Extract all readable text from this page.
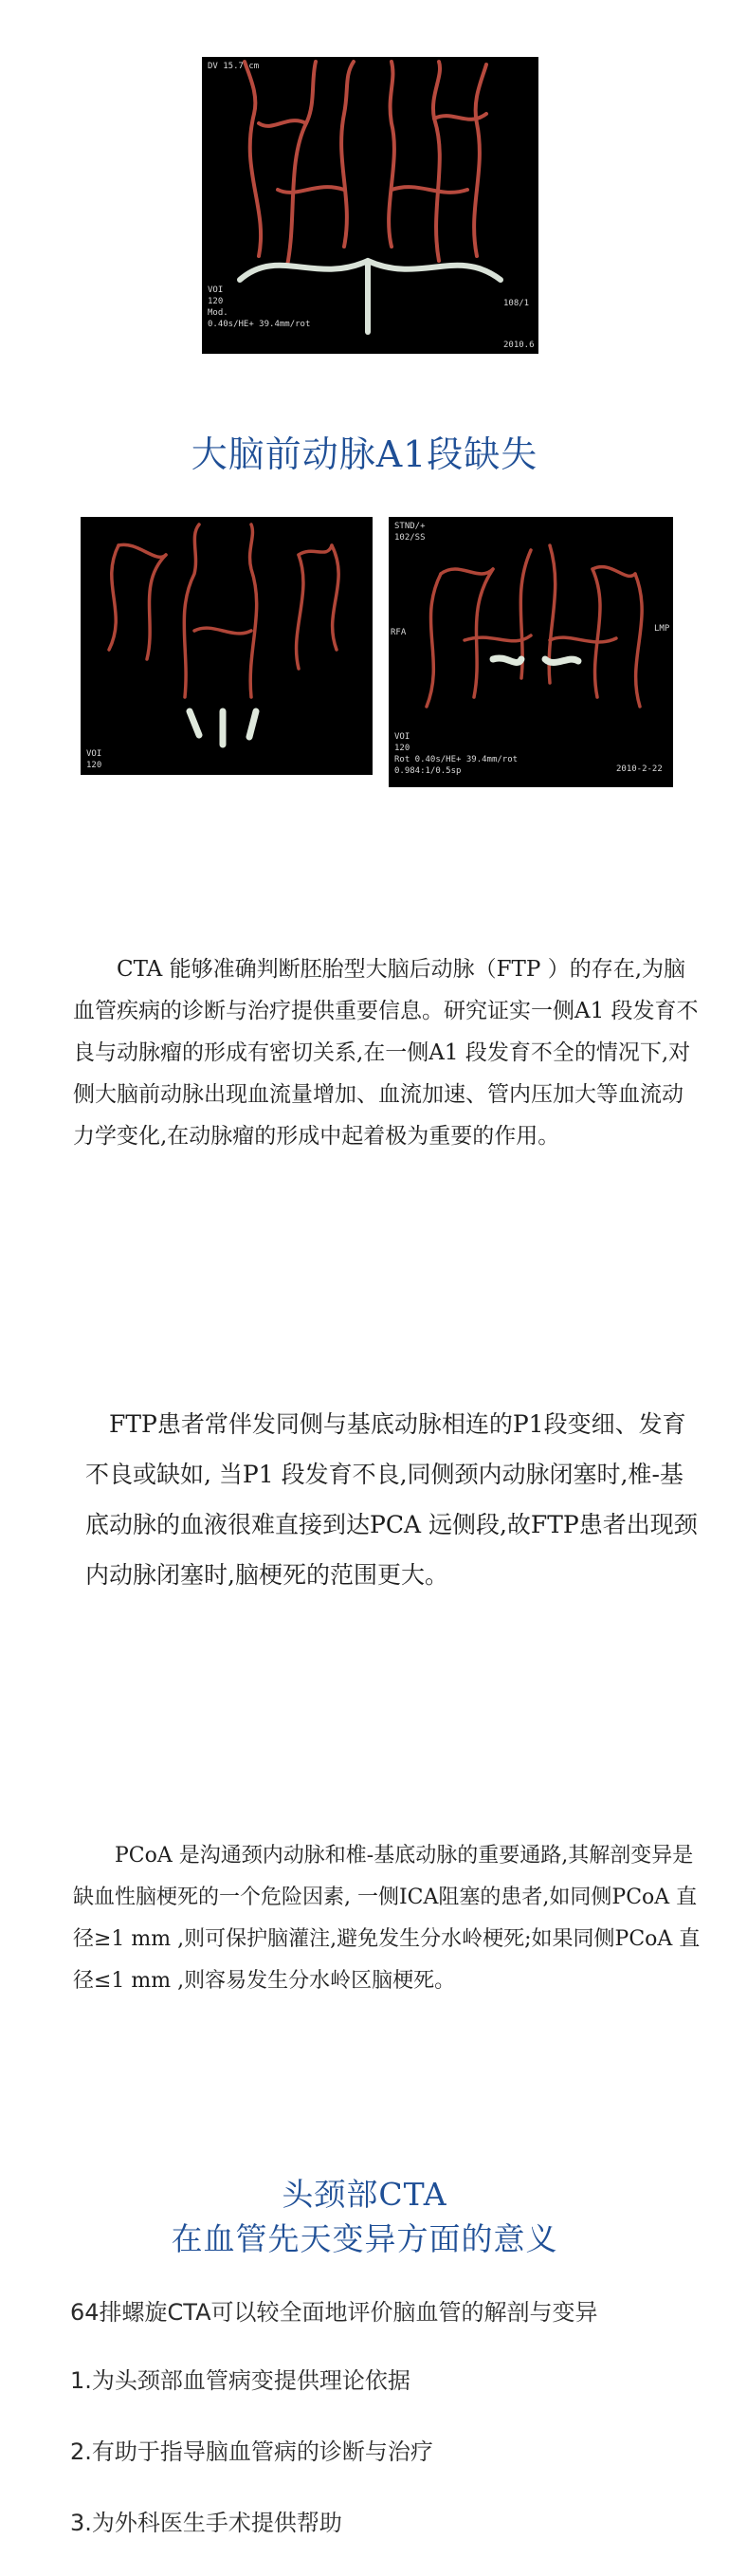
DV 15.7 cm
VOI
120
Mod.
0.40s/HE+ 39.4mm/rot
108/1
2010.6
大脑前动脉A1段缺失
VOI
120
STND/+
102/SS
RFA	LMP
VOI
120
Rot 0.40s/HE+ 39.4mm/rot
0.984:1/0.5sp	2010-2-22

　　CTA 能够准确判断胚胎型大脑后动脉（FTP ）的存在,为脑血管疾病的诊断与治疗提供重要信息。研究证实一侧A1 段发育不良与动脉瘤的形成有密切关系,在一侧A1 段发育不全的情况下,对侧大脑前动脉出现血流量增加、血流加速、管内压加大等血流动力学变化,在动脉瘤的形成中起着极为重要的作用。

　FTP患者常伴发同侧与基底动脉相连的P1段变细、发育不良或缺如, 当P1 段发育不良,同侧颈内动脉闭塞时,椎-基底动脉的血液很难直接到达PCA 远侧段,故FTP患者出现颈内动脉闭塞时,脑梗死的范围更大。

　　PCoA 是沟通颈内动脉和椎-基底动脉的重要通路,其解剖变异是缺血性脑梗死的一个危险因素, 一侧ICA阻塞的患者,如同侧PCoA 直径≥1 mm ,则可保护脑灌注,避免发生分水岭梗死;如果同侧PCoA 直径≤1 mm ,则容易发生分水岭区脑梗死。

头颈部CTA
在血管先天变异方面的意义
64排螺旋CTA可以较全面地评价脑血管的解剖与变异
1.为头颈部血管病变提供理论依据
2.有助于指导脑血管病的诊断与治疗
3.为外科医生手术提供帮助
